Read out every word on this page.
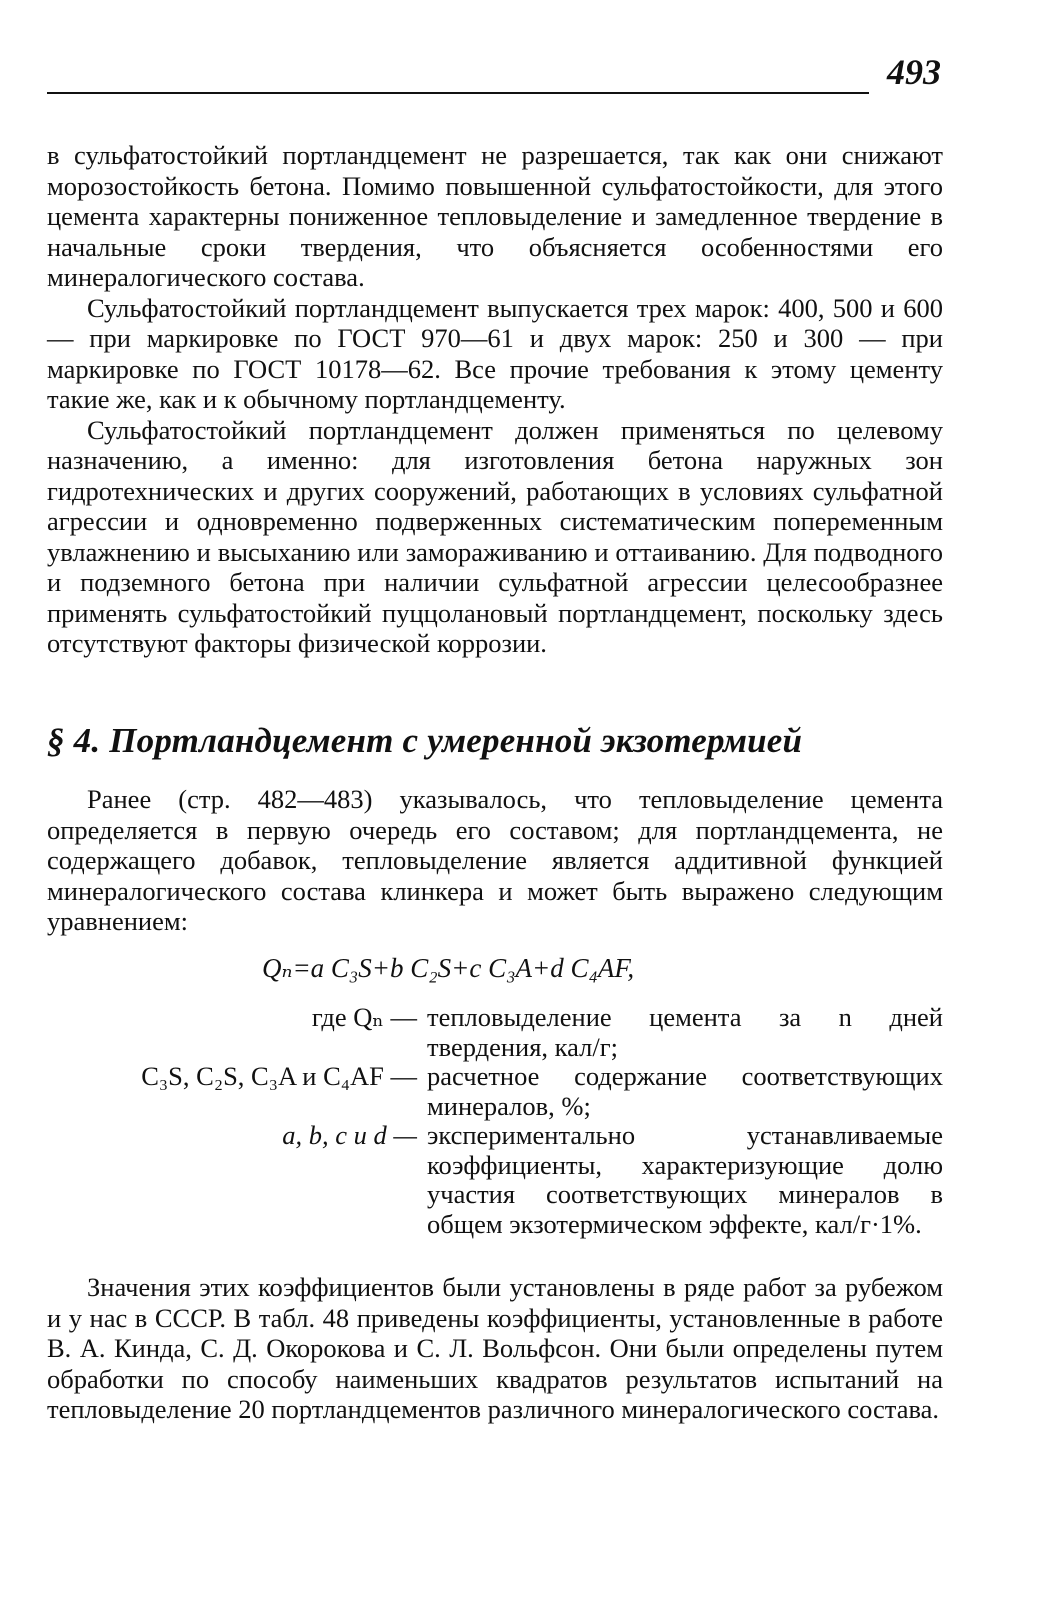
493

в сульфатостойкий портландцемент не разрешается, так как они снижают морозостойкость бетона. Помимо повышенной сульфатостойкости, для этого цемента характерны пониженное тепловыделение и замедленное твердение в начальные сроки твердения, что объясняется особенностями его минералогического состава.

Сульфатостойкий портландцемент выпускается трех марок: 400, 500 и 600 — при маркировке по ГОСТ 970—61 и двух марок: 250 и 300 — при маркировке по ГОСТ 10178—62. Все прочие требования к этому цементу такие же, как и к обычному портландцементу.

Сульфатостойкий портландцемент должен применяться по целевому назначению, а именно: для изготовления бетона наружных зон гидротехнических и других сооружений, работающих в условиях сульфатной агрессии и одновременно подверженных систематическим попеременным увлажнению и высыханию или замораживанию и оттаиванию. Для подводного и подземного бетона при наличии сульфатной агрессии целесообразнее применять сульфатостойкий пуццолановый портландцемент, поскольку здесь отсутствуют факторы физической коррозии.

§ 4. Портландцемент с умеренной экзотермией

Ранее (стр. 482—483) указывалось, что тепловыделение цемента определяется в первую очередь его составом; для портландцемента, не содержащего добавок, тепловыделение является аддитивной функцией минералогического состава клинкера и может быть выражено следующим уравнением:

Qₙ=a C₃S+b C₂S+c C₃A+d C₄AF,
где Qₙ — тепловыделение цемента за n дней твердения, кал/г;
C₃S, C₂S, C₃A и C₄AF — расчетное содержание соответствующих минералов, %;
a, b, c и d — экспериментально устанавливаемые коэффициенты, характеризующие долю участия соответствующих минералов в общем экзотермическом эффекте, кал/г·1%.

Значения этих коэффициентов были установлены в ряде работ за рубежом и у нас в СССР. В табл. 48 приведены коэффициенты, установленные в работе В. А. Кинда, С. Д. Окорокова и С. Л. Вольфсон. Они были определены путем обработки по способу наименьших квадратов результатов испытаний на тепловыделение 20 портландцементов различного минералогического состава.
